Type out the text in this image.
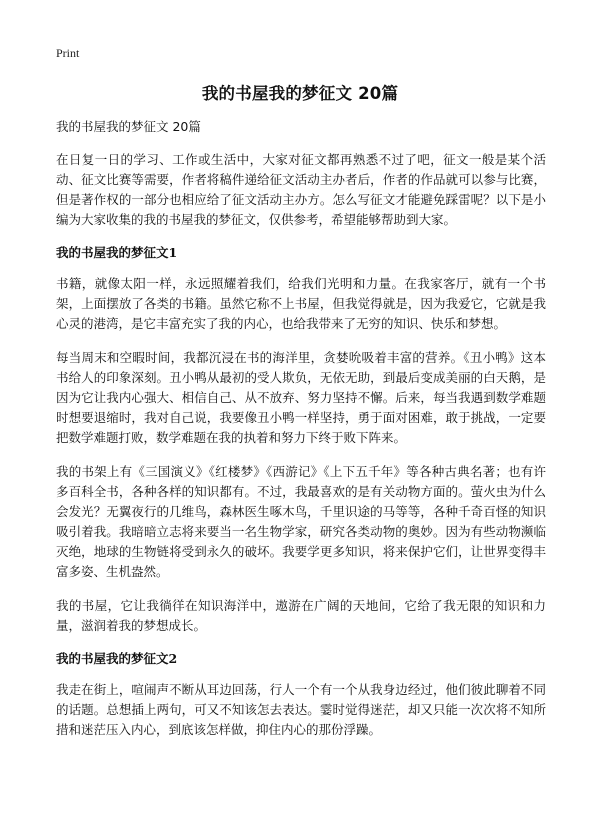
Print
我的书屋我的梦征文 20篇

我的书屋我的梦征文 20篇

在日复一日的学习、工作或生活中，大家对征文都再熟悉不过了吧，征文一般是某个活动、征文比赛等需要，作者将稿件递给征文活动主办者后，作者的作品就可以参与比赛，但是著作权的一部分也相应给了征文活动主办方。怎么写征文才能避免踩雷呢？以下是小编为大家收集的我的书屋我的梦征文，仅供参考，希望能够帮助到大家。

我的书屋我的梦征文1

书籍，就像太阳一样，永远照耀着我们，给我们光明和力量。在我家客厅，就有一个书架，上面摆放了各类的书籍。虽然它称不上书屋，但我觉得就是，因为我爱它，它就是我心灵的港湾，是它丰富充实了我的内心，也给我带来了无穷的知识、快乐和梦想。

每当周末和空暇时间，我都沉浸在书的海洋里，贪婪吮吸着丰富的营养。《丑小鸭》这本书给人的印象深刻。丑小鸭从最初的受人欺负，无依无助，到最后变成美丽的白天鹅，是因为它让我内心强大、相信自己、从不放弃、努力坚持不懈。后来，每当我遇到数学难题时想要退缩时，我对自己说，我要像丑小鸭一样坚持，勇于面对困难，敢于挑战，一定要把数学难题打败，数学难题在我的执着和努力下终于败下阵来。

我的书架上有《三国演义》《红楼梦》《西游记》《上下五千年》等各种古典名著；也有许多百科全书，各种各样的知识都有。不过，我最喜欢的是有关动物方面的。萤火虫为什么会发光？无翼夜行的几维鸟，森林医生啄木鸟，千里识途的马等等，各种千奇百怪的知识吸引着我。我暗暗立志将来要当一名生物学家，研究各类动物的奥妙。因为有些动物濒临灭绝，地球的生物链将受到永久的破坏。我要学更多知识，将来保护它们，让世界变得丰富多姿、生机盎然。

我的书屋，它让我徜徉在知识海洋中，遨游在广阔的天地间，它给了我无限的知识和力量，滋润着我的梦想成长。

我的书屋我的梦征文2

我走在街上，喧闹声不断从耳边回荡，行人一个有一个从我身边经过，他们彼此聊着不同的话题。总想插上两句，可又不知该怎去表达。霎时觉得迷茫，却又只能一次次将不知所措和迷茫压入内心，到底该怎样做，抑住内心的那份浮躁。
